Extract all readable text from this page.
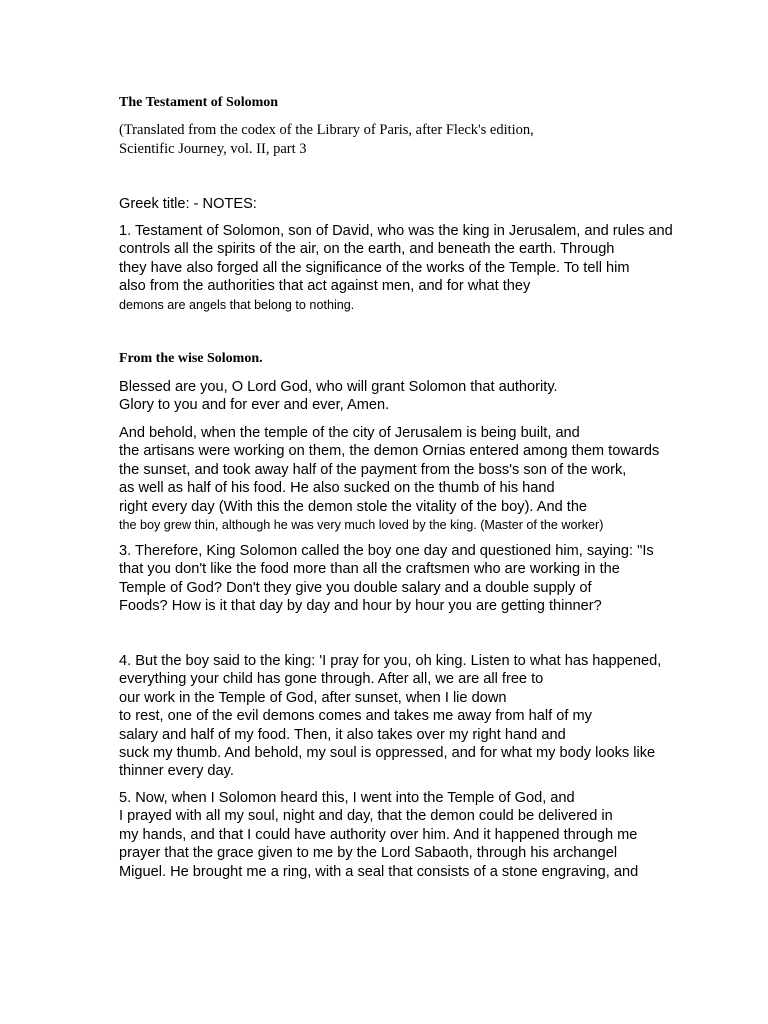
The Testament of Solomon
(Translated from the codex of the Library of Paris, after Fleck's edition,
Scientific Journey, vol. II, part 3
Greek title: - NOTES:
1. Testament of Solomon, son of David, who was the king in Jerusalem, and rules and
controls all the spirits of the air, on the earth, and beneath the earth. Through
they have also forged all the significance of the works of the Temple. To tell him
also from the authorities that act against men, and for what they
demons are angels that belong to nothing.
From the wise Solomon.
Blessed are you, O Lord God, who will grant Solomon that authority.
Glory to you and for ever and ever, Amen.
And behold, when the temple of the city of Jerusalem is being built, and
the artisans were working on them, the demon Ornias entered among them towards
the sunset, and took away half of the payment from the boss's son of the work,
as well as half of his food. He also sucked on the thumb of his hand
right every day (With this the demon stole the vitality of the boy). And the
the boy grew thin, although he was very much loved by the king. (Master of the worker)
3. Therefore, King Solomon called the boy one day and questioned him, saying: "Is
that you don't like the food more than all the craftsmen who are working in the
Temple of God? Don't they give you double salary and a double supply of
Foods? How is it that day by day and hour by hour you are getting thinner?
4. But the boy said to the king: 'I pray for you, oh king. Listen to what has happened,
everything your child has gone through. After all, we are all free to
our work in the Temple of God, after sunset, when I lie down
to rest, one of the evil demons comes and takes me away from half of my
salary and half of my food. Then, it also takes over my right hand and
suck my thumb. And behold, my soul is oppressed, and for what my body looks like
thinner every day.
5. Now, when I Solomon heard this, I went into the Temple of God, and
I prayed with all my soul, night and day, that the demon could be delivered in
my hands, and that I could have authority over him. And it happened through me
prayer that the grace given to me by the Lord Sabaoth, through his archangel
Miguel. He brought me a ring, with a seal that consists of a stone engraving, and
